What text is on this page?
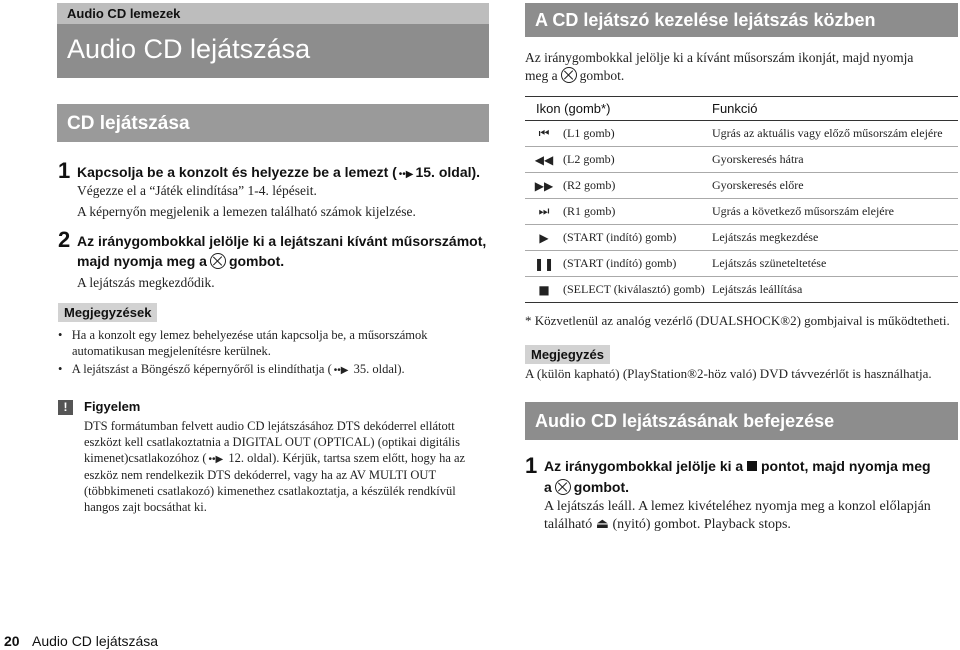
Audio CD lemezek
Audio CD lejátszása
CD lejátszása
1 Kapcsolja be a konzolt és helyezze be a lemezt ( ••▶ 15. oldal).
Végezze el a “Játék elindítása” 1-4. lépéseit.
A képernyőn megjelenik a lemezen található számok kijelzése.
2 Az iránygombokkal jelölje ki a lejátszani kívánt műsorszámot,
majd nyomja meg a gombot.
A lejátszás megkezdődik.
Megjegyzések
•   Ha a konzolt egy lemez behelyezése után kapcsolja be, a műsorszámok
automatikusan megjelenítésre kerülnek.
•   A lejátszást a Böngésző képernyőről is elindíthatja ( ••▶ 35. oldal).
!	Figyelem
DTS formátumban felvett audio CD lejátszásához DTS dekóderrel ellátott
eszközt kell csatlakoztatnia a DIGITAL OUT (OPTICAL) (optikai digitális
kimenet)csatlakozóhoz ( ••▶ 12. oldal). Kérjük, tartsa szem előtt, hogy ha az
eszköz nem rendelkezik DTS dekóderrel, vagy ha az AV MULTI OUT
(többkimeneti csatlakozó) kimenethez csatlakoztatja, a készülék rendkívül
hangos zajt bocsáthat ki.
A CD lejátszó kezelése lejátszás közben
Az iránygombokkal jelölje ki a kívánt műsorszám ikonját, majd nyomja
meg a gombot.
Ikon (gomb*)		Funkció
⏮	(L1 gomb)	Ugrás az aktuális vagy előző műsorszám elejére
◀◀	(L2 gomb)	Gyorskeresés hátra
▶▶	(R2 gomb)	Gyorskeresés előre
⏭	(R1 gomb)	Ugrás a következő műsorszám elejére
▶	(START (indító) gomb)	Lejátszás megkezdése
❚❚	(START (indító) gomb)	Lejátszás szüneteltetése
■	(SELECT (kiválasztó) gomb)	Lejátszás leállítása
* Közvetlenül az analóg vezérlő (DUALSHOCK®2) gombjaival is működtetheti.
Megjegyzés
A (külön kapható) (PlayStation®2-höz való) DVD távvezérlőt is használhatja.
Audio CD lejátszásának befejezése
1 Az iránygombokkal jelölje ki a pontot, majd nyomja meg
a gombot.
A lejátszás leáll. A lemez kivételéhez nyomja meg a konzol előlapján
található ⏏ (nyitó) gombot. Playback stops.
20 Audio CD lejátszása
